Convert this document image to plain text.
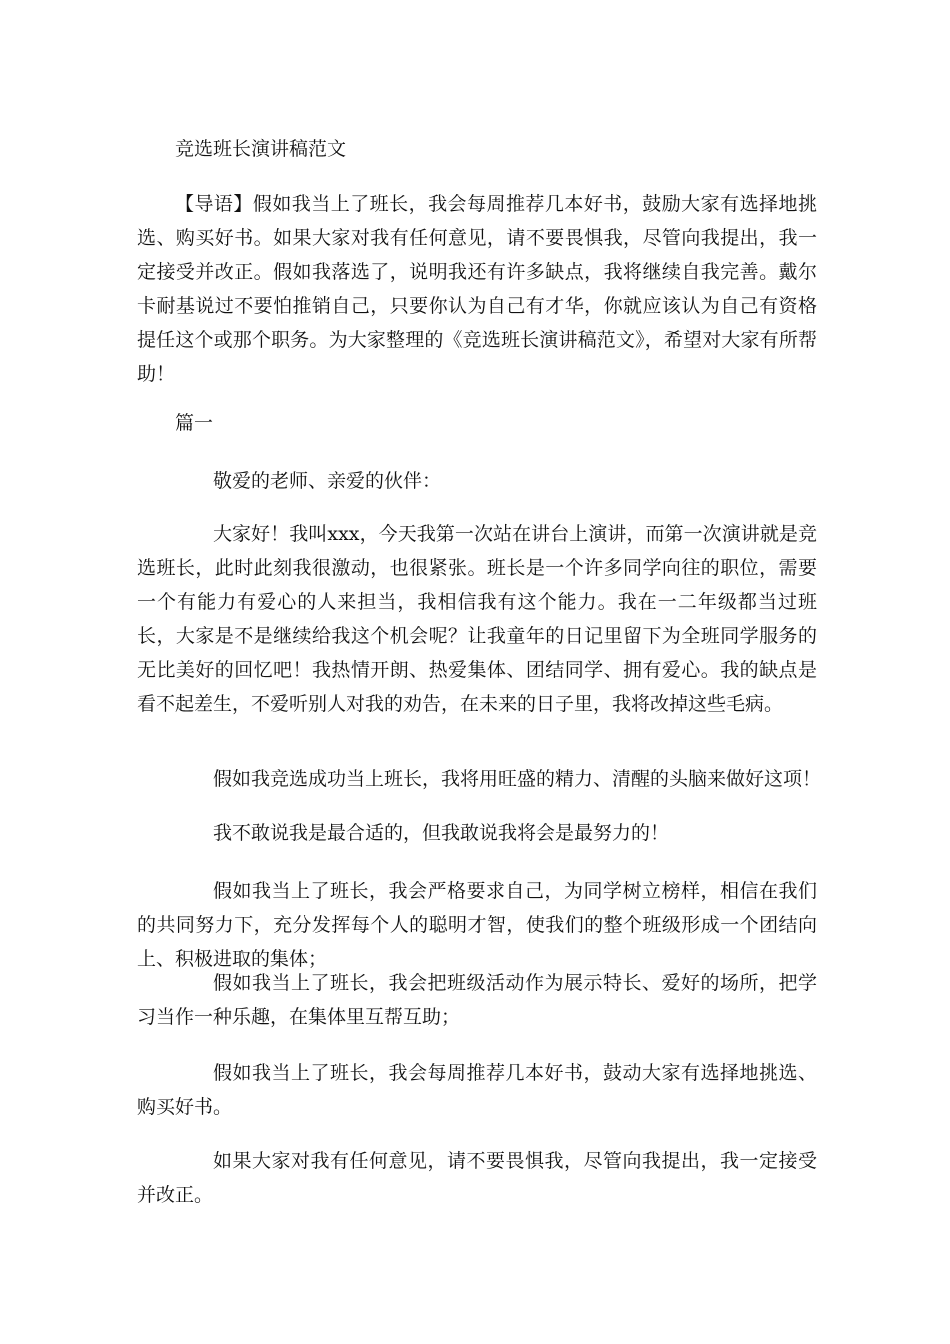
竞选班长演讲稿范文

【导语】假如我当上了班长，我会每周推荐几本好书，鼓励大家有选择地挑选、购买好书。如果大家对我有任何意见，请不要畏惧我，尽管向我提出，我一定接受并改正。假如我落选了，说明我还有许多缺点，我将继续自我完善。戴尔卡耐基说过不要怕推销自己，只要你认为自己有才华，你就应该认为自己有资格提任这个或那个职务。为大家整理的《竞选班长演讲稿范文》，希望对大家有所帮助！

篇一
敬爱的老师、亲爱的伙伴：

大家好！我叫xxx，今天我第一次站在讲台上演讲，而第一次演讲就是竞选班长，此时此刻我很激动，也很紧张。班长是一个许多同学向往的职位，需要一个有能力有爱心的人来担当，我相信我有这个能力。我在一二年级都当过班长，大家是不是继续给我这个机会呢？让我童年的日记里留下为全班同学服务的无比美好的回忆吧！我热情开朗、热爱集体、团结同学、拥有爱心。我的缺点是看不起差生，不爱听别人对我的劝告，在未来的日子里，我将改掉这些毛病。

假如我竞选成功当上班长，我将用旺盛的精力、清醒的头脑来做好这项！
我不敢说我是最合适的，但我敢说我将会是最努力的！

假如我当上了班长，我会严格要求自己，为同学树立榜样，相信在我们的共同努力下，充分发挥每个人的聪明才智，使我们的整个班级形成一个团结向上、积极进取的集体；

假如我当上了班长，我会把班级活动作为展示特长、爱好的场所，把学习当作一种乐趣，在集体里互帮互助；

假如我当上了班长，我会每周推荐几本好书，鼓动大家有选择地挑选、购买好书。

如果大家对我有任何意见，请不要畏惧我，尽管向我提出，我一定接受并改正。
